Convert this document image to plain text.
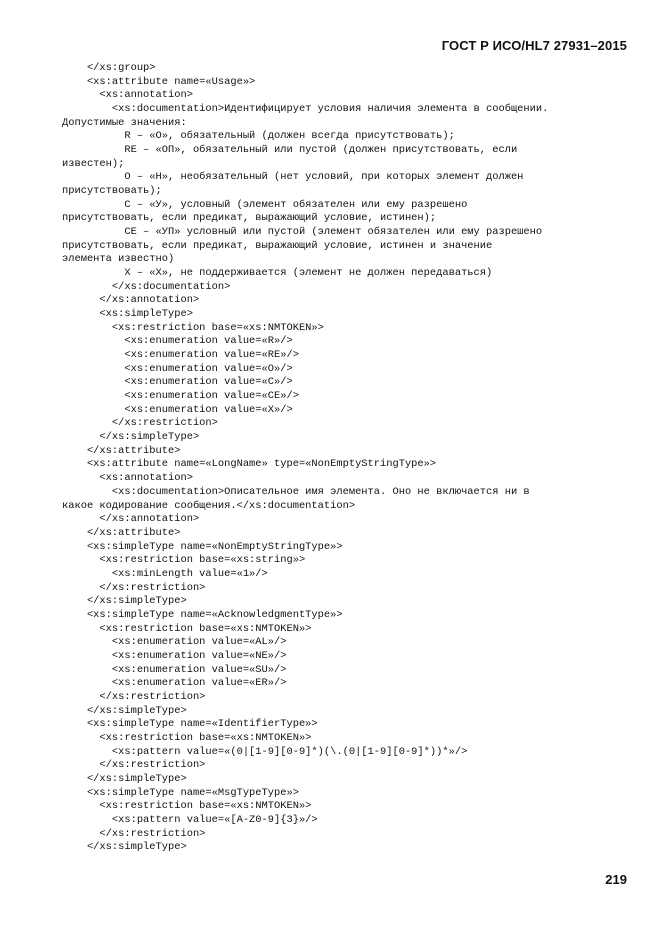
ГОСТ Р ИСО/HL7 27931–2015
</xs:group>
<xs:attribute name=«Usage»>
<xs:annotation>
<xs:documentation>Идентифицирует условия наличия элемента в сообщении.
Допустимые значения:
R – «О», обязательный (должен всегда присутствовать);
RE – «ОП», обязательный или пустой (должен присутствовать, если
известен);
О – «Н», необязательный (нет условий, при которых элемент должен
присутствовать);
С – «У», условный (элемент обязателен или ему разрешено
присутствовать, если предикат, выражающий условие, истинен);
СЕ – «УП» условный или пустой (элемент обязателен или ему разрешено
присутствовать, если предикат, выражающий условие, истинен и значение
элемента известно)
X – «X», не поддерживается (элемент не должен передаваться)
</xs:documentation>
</xs:annotation>
<xs:simpleType>
<xs:restriction base=«xs:NMTOKEN»>
<xs:enumeration value=«R»/>
<xs:enumeration value=«RE»/>
<xs:enumeration value=«O»/>
<xs:enumeration value=«C»/>
<xs:enumeration value=«CE»/>
<xs:enumeration value=«X»/>
</xs:restriction>
</xs:simpleType>
</xs:attribute>
<xs:attribute name=«LongName» type=«NonEmptyStringType»>
<xs:annotation>
<xs:documentation>Описательное имя элемента. Оно не включается ни в
какое кодирование сообщения.</xs:documentation>
</xs:annotation>
</xs:attribute>
<xs:simpleType name=«NonEmptyStringType»>
<xs:restriction base=«xs:string»>
<xs:minLength value=«1»/>
</xs:restriction>
</xs:simpleType>
<xs:simpleType name=«AcknowledgmentType»>
<xs:restriction base=«xs:NMTOKEN»>
<xs:enumeration value=«AL»/>
<xs:enumeration value=«NE»/>
<xs:enumeration value=«SU»/>
<xs:enumeration value=«ER»/>
</xs:restriction>
</xs:simpleType>
<xs:simpleType name=«IdentifierType»>
<xs:restriction base=«xs:NMTOKEN»>
<xs:pattern value=«(0|[1-9][0-9]*)(\.(0|[1-9][0-9]*))*»/>
</xs:restriction>
</xs:simpleType>
<xs:simpleType name=«MsgTypeType»>
<xs:restriction base=«xs:NMTOKEN»>
<xs:pattern value=«[A-Z0-9]{3}»/>
</xs:restriction>
</xs:simpleType>
219
